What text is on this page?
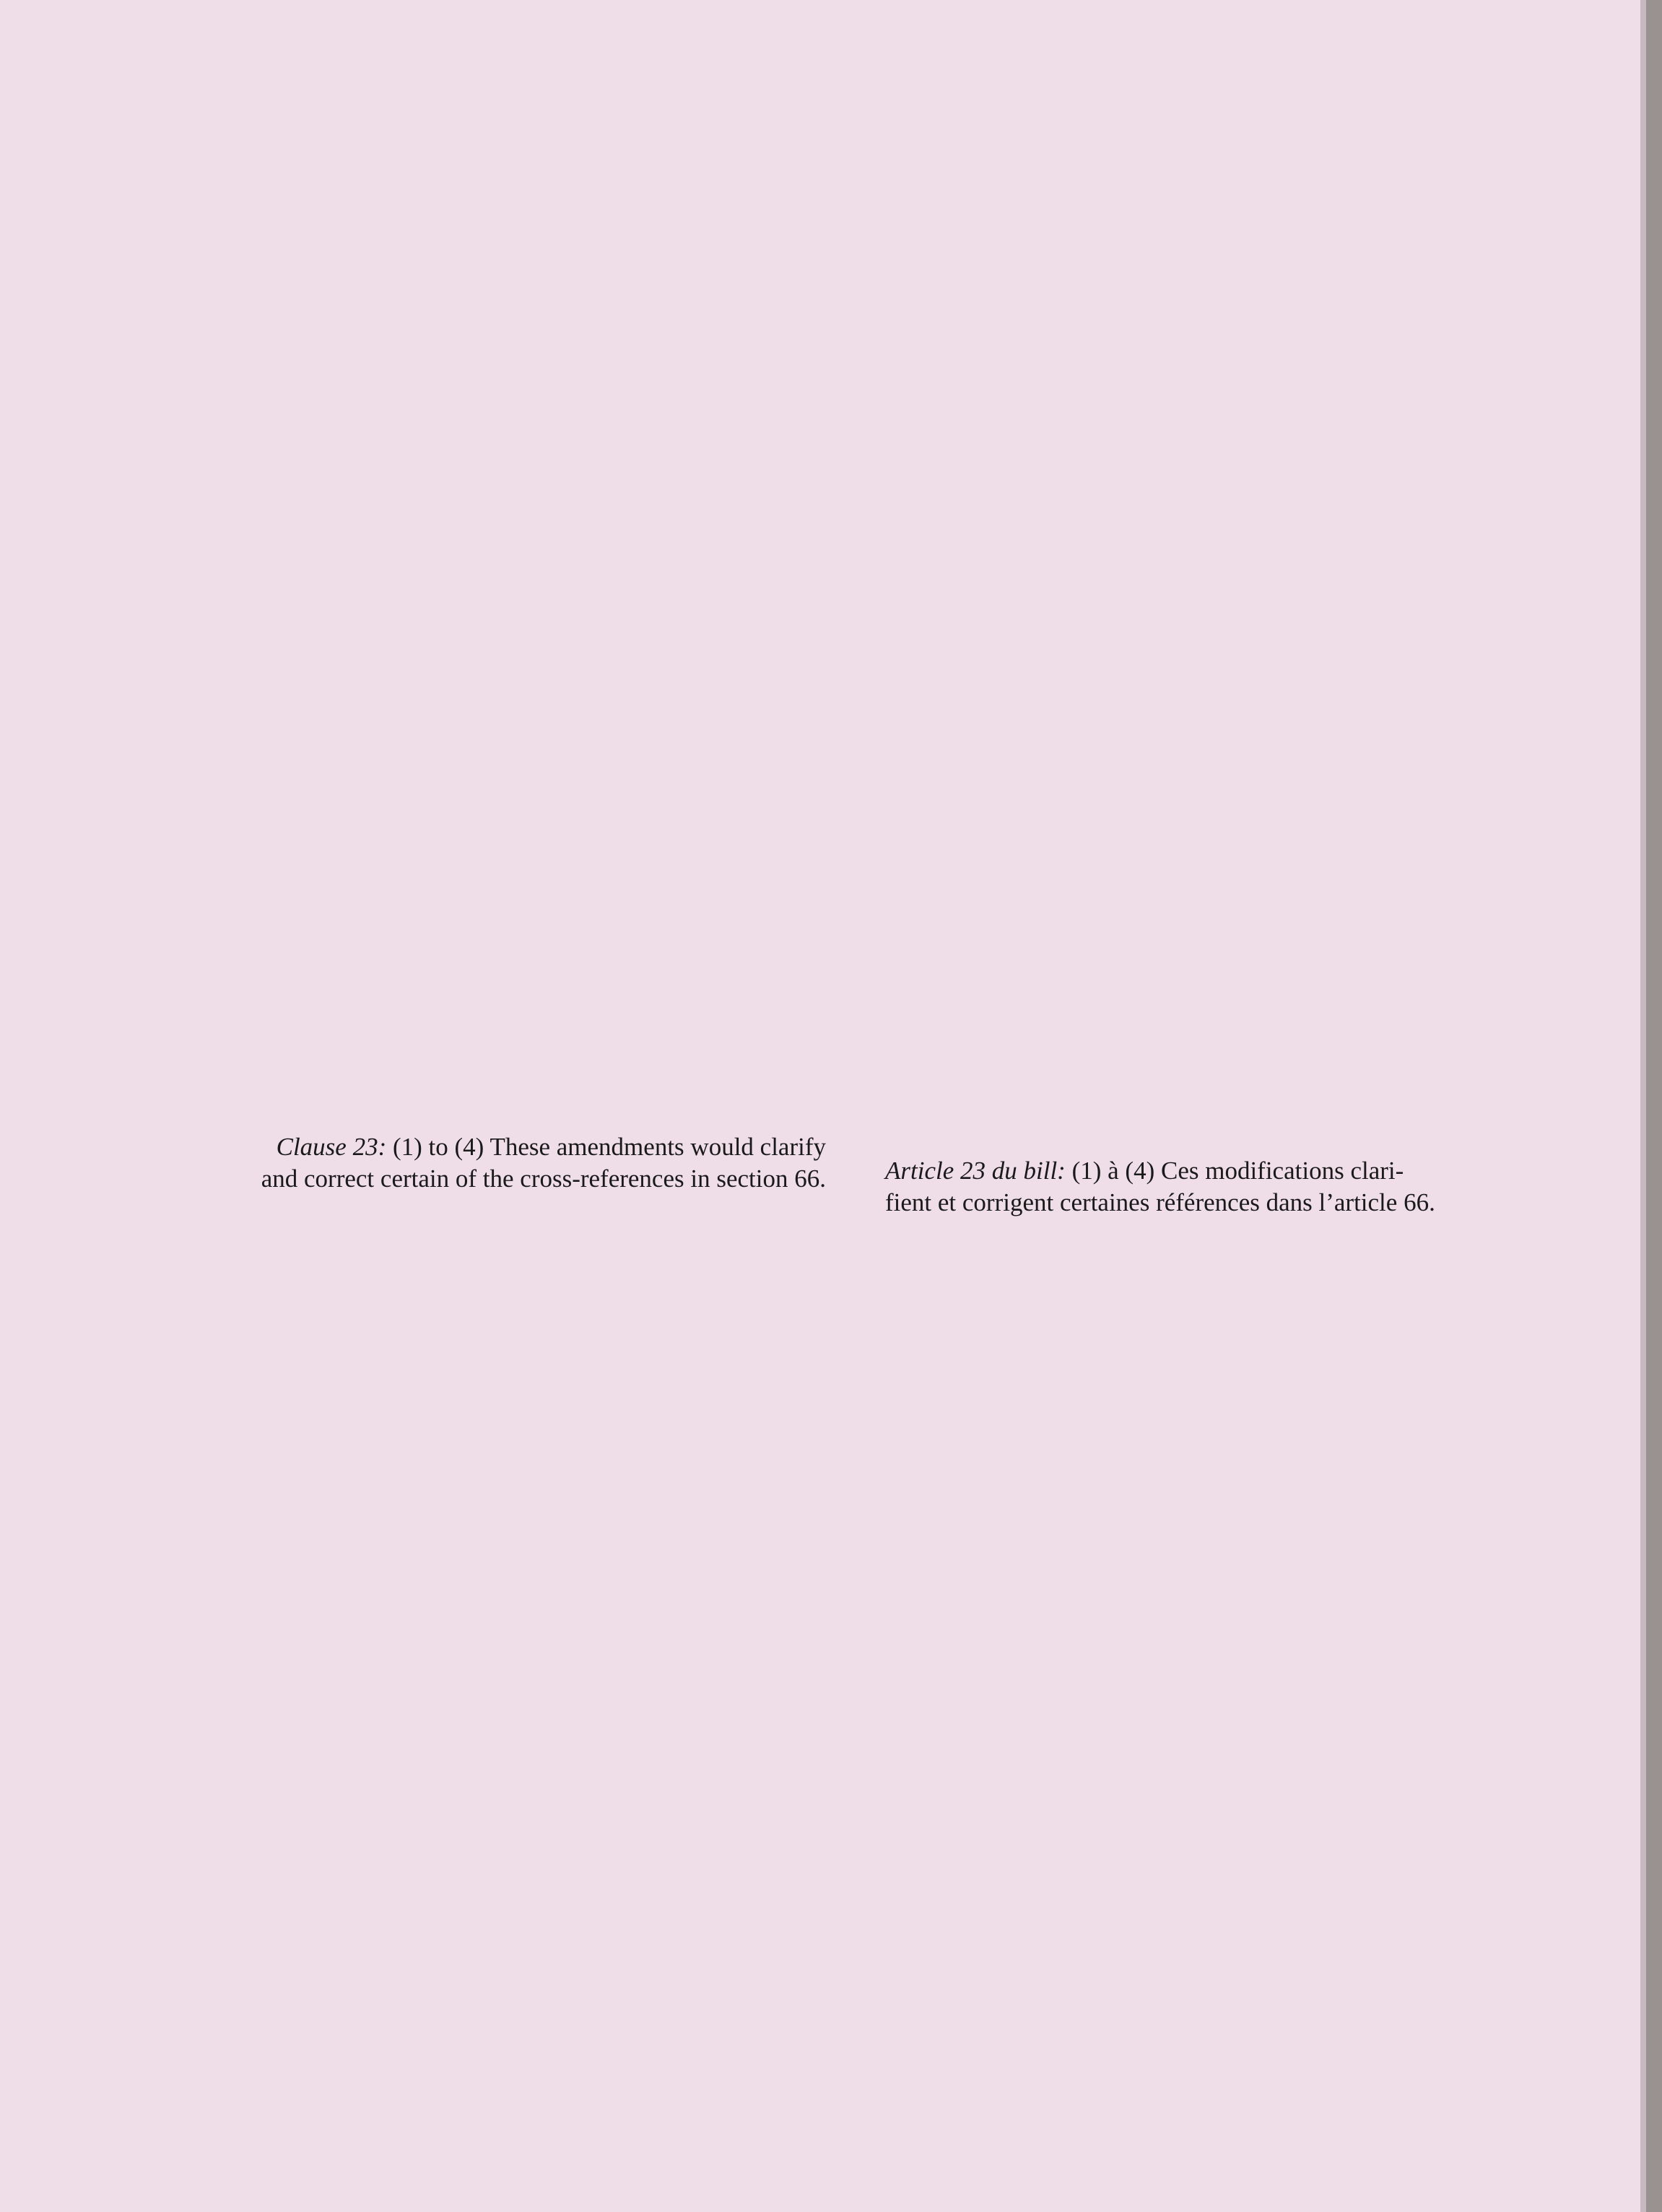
Clause 23: (1) to (4) These amendments would clarify
and correct certain of the cross-references in section 66. Article 23 du bill: (1) à (4) Ces modifications clari-
fient et corrigent certaines références dans l’article 66.
